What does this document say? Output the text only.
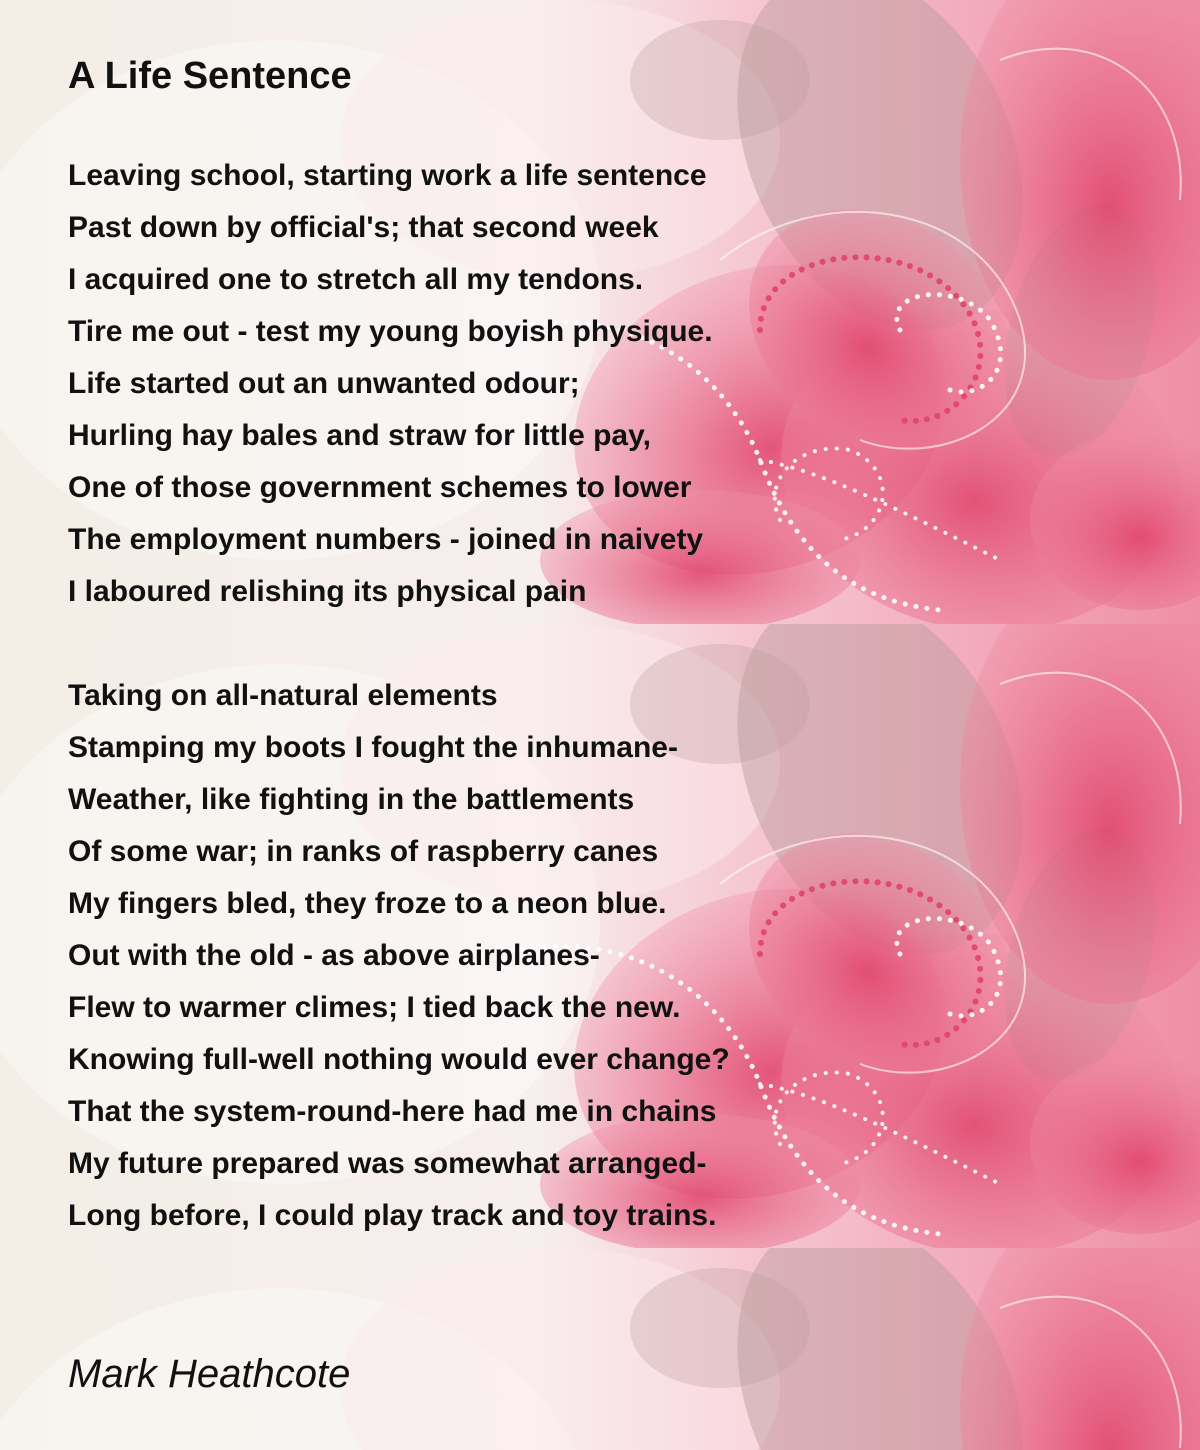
A Life Sentence
Leaving school, starting work a life sentence
Past down by official's; that second week
I acquired one to stretch all my tendons.
Tire me out - test my young boyish physique.
Life started out an unwanted odour;
Hurling hay bales and straw for little pay,
One of those government schemes to lower
The employment numbers - joined in naivety
I laboured relishing its physical pain
Taking on all-natural elements
Stamping my boots I fought the inhumane-
Weather, like fighting in the battlements
Of some war; in ranks of raspberry canes
My fingers bled, they froze to a neon blue.
Out with the old - as above airplanes-
Flew to warmer climes; I tied back the new.
Knowing full-well nothing would ever change?
That the system-round-here had me in chains
My future prepared was somewhat arranged-
Long before, I could play track and toy trains.

Mark Heathcote
